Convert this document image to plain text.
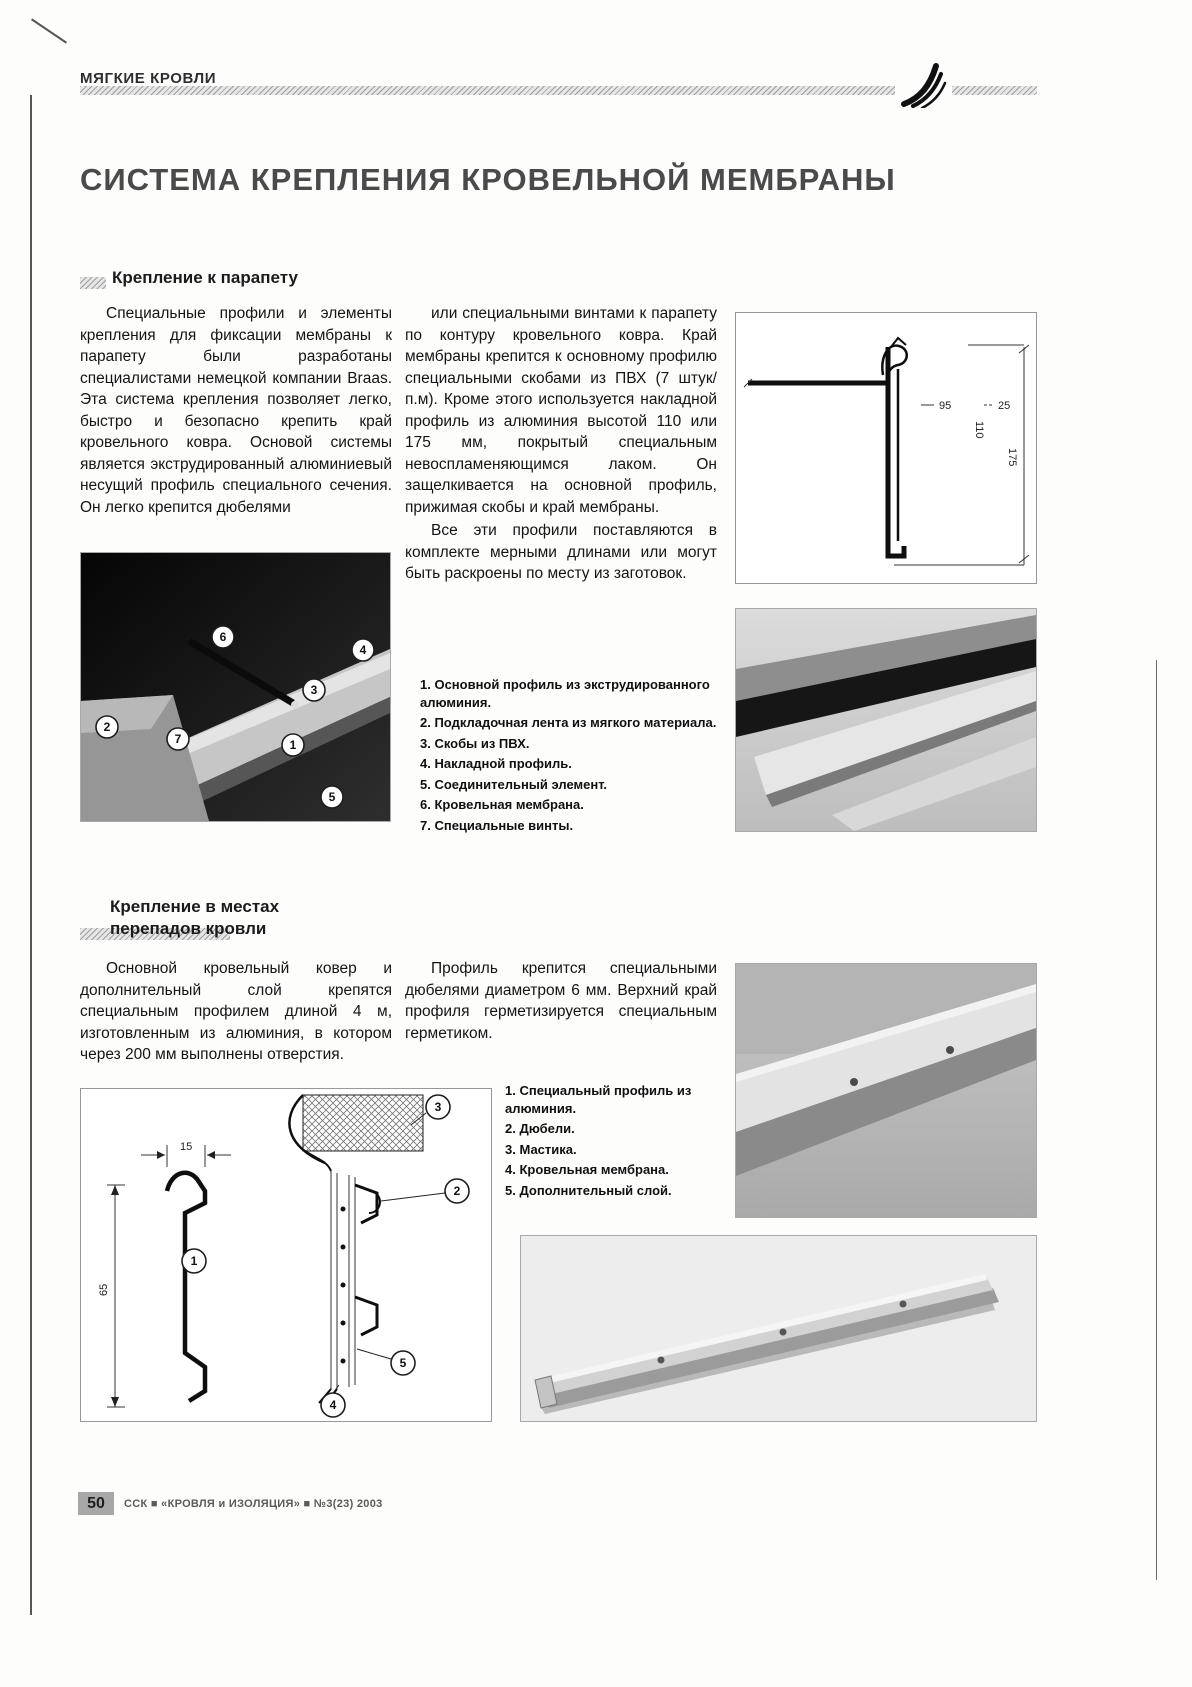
МЯГКИЕ КРОВЛИ
СИСТЕМА КРЕПЛЕНИЯ КРОВЕЛЬНОЙ МЕМБРАНЫ
Крепление к парапету

Специальные профили и элементы крепления для фиксации мембраны к парапету были разработаны специалистами немецкой компании Braas. Эта система крепления позволяет легко, быстро и безопасно крепить край кровельного ковра. Основой системы является экструдированный алюминиевый несущий профиль специального сечения. Он легко крепится дюбелями

или специальными винтами к парапету по контуру кровельного ковра. Край мембраны крепится к основному профилю специальными скобами из ПВХ (7 штук/п.м). Кроме этого используется накладной профиль из алюминия высотой 110 или 175 мм, покрытый специальным невоспламеняющимся лаком. Он защелкивается на основной профиль, прижимая скобы и край мембраны.

Все эти профили поставляются в комплекте мерными длинами или могут быть раскроены по месту из заготовок.

95	25
110
175
6
4
3
2
7	1
5
1. Основной профиль из экструдированного алюминия.
2. Подкладочная лента из мягкого материала.
3. Скобы из ПВХ.
4. Накладной профиль.
5. Соединительный элемент.
6. Кровельная мембрана.
7. Специальные винты.
Крепление в местах
перепадов кровли

Основной кровельный ковер и дополнительный слой крепятся специальным профилем длиной 4 м, изготовленным из алюминия, в котором через 200 мм выполнены отверстия.

Профиль крепится специальными дюбелями диаметром 6 мм. Верхний край профиля герметизируется специальным герметиком.

1. Специальный профиль из алюминия.
2. Дюбели.
3. Мастика.
4. Кровельная мембрана.
5. Дополнительный слой.
15
65
1
3
2
5
4
50	ССК ■ «КРОВЛЯ и ИЗОЛЯЦИЯ» ■ №3(23) 2003
